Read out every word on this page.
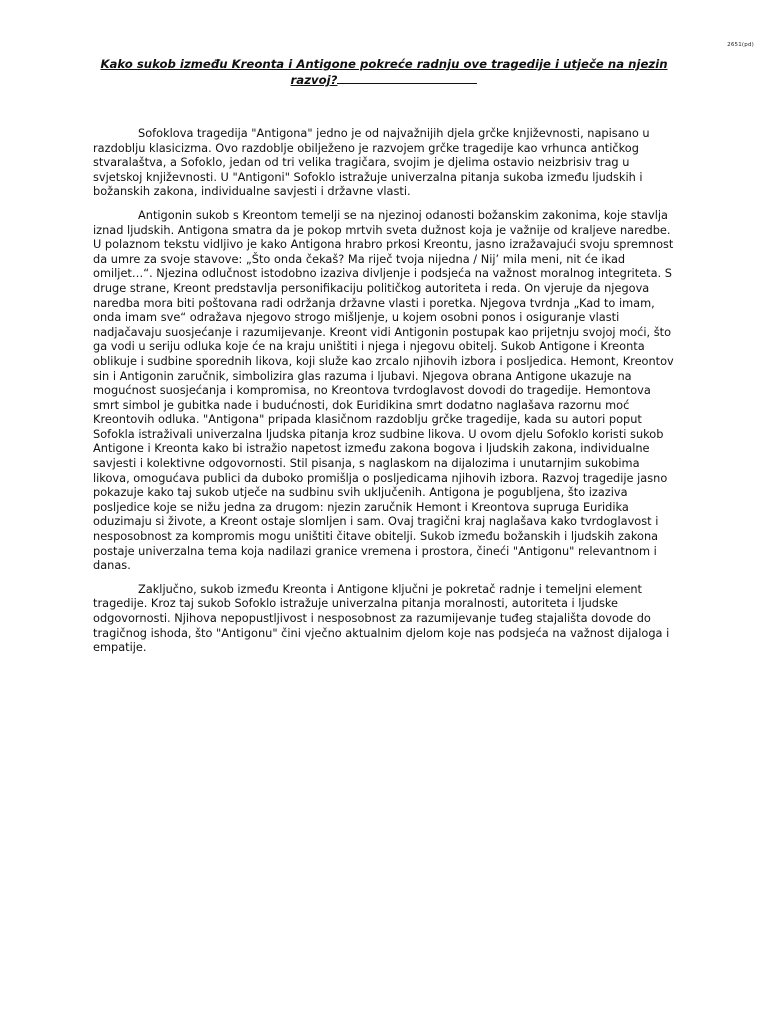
2651(pd)
Kako sukob između Kreonta i Antigone pokreće radnju ove tragedije i utječe na njezin razvoj?

Sofoklova tragedija "Antigona" jedno je od najvažnijih djela grčke književnosti, napisano u razdoblju klasicizma. Ovo razdoblje obilježeno je razvojem grčke tragedije kao vrhunca antičkog stvaralaštva, a Sofoklo, jedan od tri velika tragičara, svojim je djelima ostavio neizbrisiv trag u svjetskoj književnosti. U "Antigoni" Sofoklo istražuje univerzalna pitanja sukoba između ljudskih i božanskih zakona, individualne savjesti i državne vlasti.

Antigonin sukob s Kreontom temelji se na njezinoj odanosti božanskim zakonima, koje stavlja iznad ljudskih. Antigona smatra da je pokop mrtvih sveta dužnost koja je važnije od kraljeve naredbe. U polaznom tekstu vidljivo je kako Antigona hrabro prkosi Kreontu, jasno izražavajući svoju spremnost da umre za svoje stavove: „Što onda čekaš? Ma riječ tvoja nijedna / Nij’ mila meni, nit će ikad omiljet…“. Njezina odlučnost istodobno izaziva divljenje i podsjeća na važnost moralnog integriteta. S druge strane, Kreont predstavlja personifikaciju političkog autoriteta i reda. On vjeruje da njegova naredba mora biti poštovana radi održanja državne vlasti i poretka. Njegova tvrdnja „Kad to imam, onda imam sve“ odražava njegovo strogo mišljenje, u kojem osobni ponos i osiguranje vlasti nadjačavaju suosjećanje i razumijevanje. Kreont vidi Antigonin postupak kao prijetnju svojoj moći, što ga vodi u seriju odluka koje će na kraju uništiti i njega i njegovu obitelj. Sukob Antigone i Kreonta oblikuje i sudbine sporednih likova, koji služe kao zrcalo njihovih izbora i posljedica. Hemont, Kreontov sin i Antigonin zaručnik, simbolizira glas razuma i ljubavi. Njegova obrana Antigone ukazuje na mogućnost suosjećanja i kompromisa, no Kreontova tvrdoglavost dovodi do tragedije. Hemontova smrt simbol je gubitka nade i budućnosti, dok Euridikina smrt dodatno naglašava razornu moć Kreontovih odluka. "Antigona" pripada klasičnom razdoblju grčke tragedije, kada su autori poput Sofokla istraživali univerzalna ljudska pitanja kroz sudbine likova. U ovom djelu Sofoklo koristi sukob Antigone i Kreonta kako bi istražio napetost između zakona bogova i ljudskih zakona, individualne savjesti i kolektivne odgovornosti. Stil pisanja, s naglaskom na dijalozima i unutarnjim sukobima likova, omogućava publici da duboko promišlja o posljedicama njihovih izbora. Razvoj tragedije jasno pokazuje kako taj sukob utječe na sudbinu svih uključenih. Antigona je pogubljena, što izaziva posljedice koje se nižu jedna za drugom: njezin zaručnik Hemont i Kreontova supruga Euridika oduzimaju si živote, a Kreont ostaje slomljen i sam. Ovaj tragični kraj naglašava kako tvrdoglavost i nesposobnost za kompromis mogu uništiti čitave obitelji. Sukob između božanskih i ljudskih zakona postaje univerzalna tema koja nadilazi granice vremena i prostora, čineći "Antigonu" relevantnom i danas.

Zaključno, sukob između Kreonta i Antigone ključni je pokretač radnje i temeljni element tragedije. Kroz taj sukob Sofoklo istražuje univerzalna pitanja moralnosti, autoriteta i ljudske odgovornosti. Njihova nepopustljivost i nesposobnost za razumijevanje tuđeg stajališta dovode do tragičnog ishoda, što "Antigonu" čini vječno aktualnim djelom koje nas podsjeća na važnost dijaloga i empatije.
